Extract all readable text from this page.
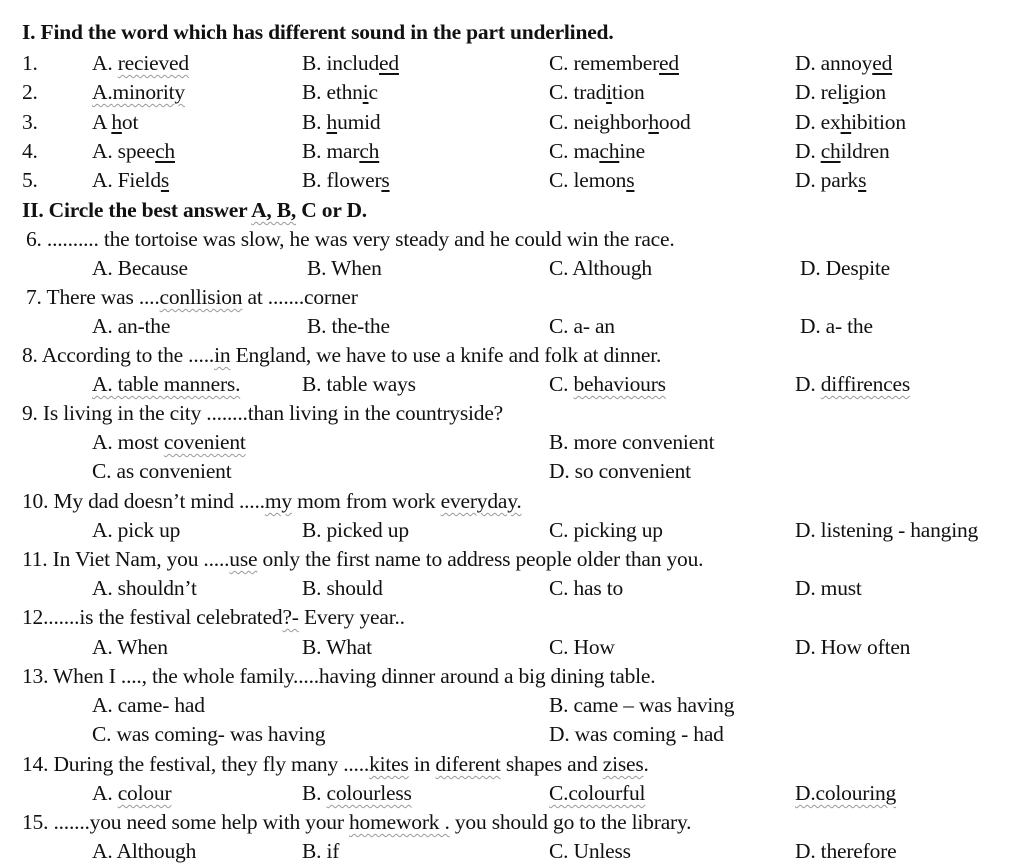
I. Find the word which has different sound in the part underlined.
1.	A. recieved	B. included	C. remembered	D. annoyed
2.	A.minority	B. ethnic	C. tradition	D. religion
3.	A hot	B. humid	C. neighborhood	D. exhibition
4.	A. speech	B. march	C. machine	D. children
5.	A. Fields	B. flowers	C. lemons	D. parks
II. Circle the best answer A, B, C or D.
6. .......... the tortoise was slow, he was very steady and he could win the race.
A. Because	B. When	C. Although	D. Despite
7. There was ....conllision at .......corner
A. an-the	B. the-the	C. a- an	D. a- the
8. According to the .....in England, we have to use a knife and folk at dinner.
A. table manners.	B. table ways	C. behaviours	D. diffirences
9. Is living in the city ........than living in the countryside?
A. most covenient	B. more convenient
C. as convenient	D. so convenient
10. My dad doesn’t mind .....my mom from work everyday.
A. pick up	B. picked up	C. picking up	D. listening - hanging
11. In Viet Nam, you .....use only the first name to address people older than you.
A. shouldn’t	B. should	C. has to	D. must
12.......is the festival celebrated?- Every year..
A. When	B. What	C. How	D. How often
13. When I ...., the whole family.....having dinner around a big dining table.
A. came- had	B. came – was having
C. was coming- was having	D. was coming - had
14. During the festival, they fly many .....kites in diferent shapes and zises.
A. colour	B. colourless	C.colourful	D.colouring
15. .......you need some help with your homework . you should go to the library.
A. Although	B. if	C. Unless	D. therefore
